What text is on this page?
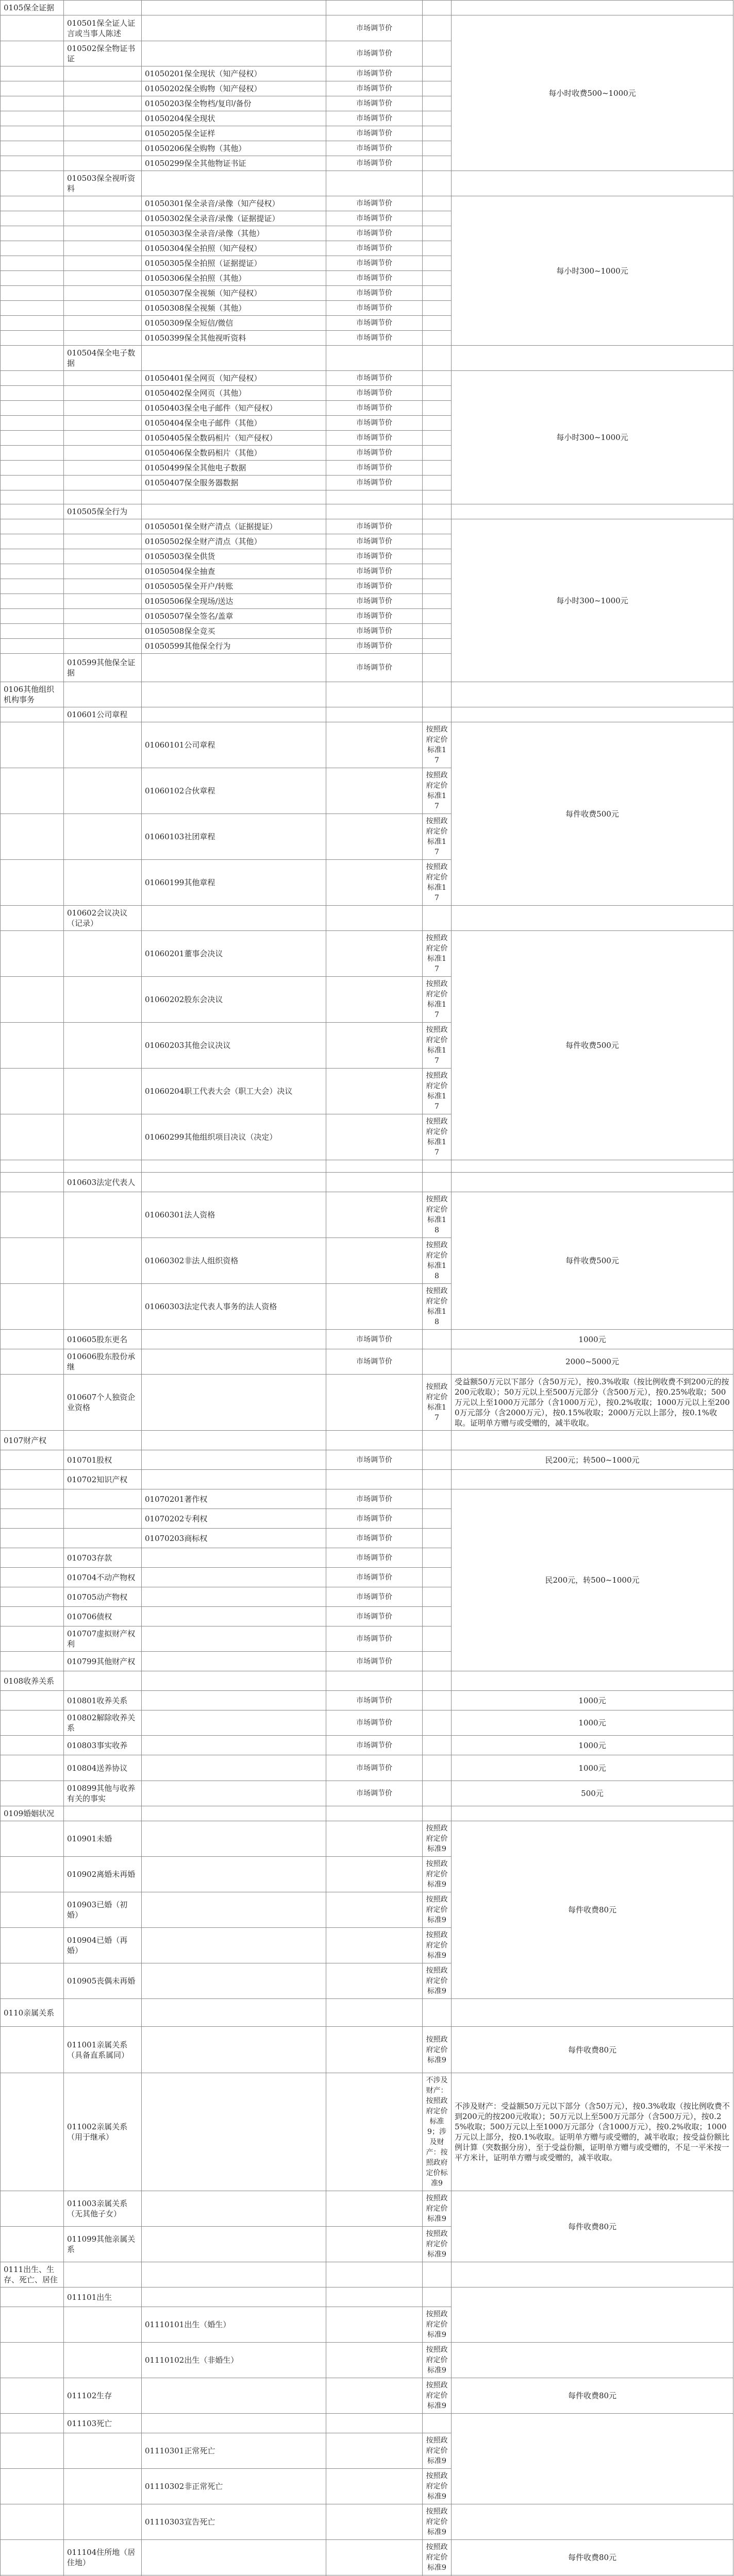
0105保全证据					
	010501保全证人证言或当事人陈述		市场调节价		每小时收费500~1000元
	010502保全物证书证		市场调节价		
		01050201保全现状（知产侵权）	市场调节价		
		01050202保全购物（知产侵权）	市场调节价		
		01050203保全物档/复印/备份	市场调节价		
		01050204保全现状	市场调节价		
		01050205保全证样	市场调节价		
		01050206保全购物（其他）	市场调节价		
		01050299保全其他物证书证	市场调节价		
	010503保全视听资料				
		01050301保全录音/录像（知产侵权）	市场调节价		每小时300~1000元
		01050302保全录音/录像（证据提证）	市场调节价		
		01050303保全录音/录像（其他）	市场调节价		
		01050304保全拍照（知产侵权）	市场调节价		
		01050305保全拍照（证据提证）	市场调节价		
		01050306保全拍照（其他）	市场调节价		
		01050307保全视频（知产侵权）	市场调节价		
		01050308保全视频（其他）	市场调节价		
		01050309保全短信/微信	市场调节价		
		01050399保全其他视听资料	市场调节价		
	010504保全电子数据				
		01050401保全网页（知产侵权）	市场调节价		每小时300~1000元
		01050402保全网页（其他）	市场调节价		
		01050403保全电子邮件（知产侵权）	市场调节价		
		01050404保全电子邮件（其他）	市场调节价		
		01050405保全数码相片（知产侵权）	市场调节价		
		01050406保全数码相片（其他）	市场调节价		
		01050499保全其他电子数据	市场调节价		
		01050407保全服务器数据	市场调节价		

	010505保全行为				
		01050501保全财产清点（证据提证）	市场调节价		每小时300~1000元
		01050502保全财产清点（其他）	市场调节价		
		01050503保全供货	市场调节价		
		01050504保全抽查	市场调节价		
		01050505保全开户/转账	市场调节价		
		01050506保全现场/送达	市场调节价		
		01050507保全签名/盖章	市场调节价		
		01050508保全竞买	市场调节价		
		01050599其他保全行为	市场调节价		
	010599其他保全证据		市场调节价		
0106其他组织机构事务					
	010601公司章程				
		01060101公司章程		按照政府定价标准17	每件收费500元
		01060102合伙章程		按照政府定价标准17	
		01060103社团章程		按照政府定价标准17	
		01060199其他章程		按照政府定价标准17	
	010602会议决议（记录）				
		01060201董事会决议		按照政府定价标准17	每件收费500元
		01060202股东会决议		按照政府定价标准17	
		01060203其他会议决议		按照政府定价标准17	
		01060204职工代表大会（职工大会）决议		按照政府定价标准17	
		01060299其他组织项目决议（决定）		按照政府定价标准17	

	010603法定代表人				
		01060301法人资格		按照政府定价标准18	每件收费500元
		01060302非法人组织资格		按照政府定价标准18	
		01060303法定代表人事务的法人资格		按照政府定价标准18	
	010605股东更名		市场调节价		1000元
	010606股东股份承继		市场调节价		2000~5000元
	010607个人独资企业资格			按照政府定价标准17	受益额50万元以下部分（含50万元），按0.3%收取（按比例收费不到200元的按200元收取）；50万元以上至500万元部分（含500万元），按0.25%收取；500万元以上至1000万元部分（含1000万元），按0.2%收取；1000万元以上至2000万元部分（含2000万元），按0.15%收取；2000万元以上部分，按0.1%收取。证明单方赠与或受赠的，减半收取。
0107财产权					
	010701股权		市场调节价		民200元；转500~1000元
	010702知识产权				
		01070201著作权	市场调节价		民200元，转500~1000元
		01070202专利权	市场调节价		
		01070203商标权	市场调节价		
	010703存款		市场调节价		
	010704不动产物权		市场调节价		
	010705动产物权		市场调节价		
	010706债权		市场调节价		
	010707虚拟财产权利		市场调节价		
	010799其他财产权		市场调节价		
0108收养关系					
	010801收养关系		市场调节价		1000元
	010802解除收养关系		市场调节价		1000元
	010803事实收养		市场调节价		1000元
	010804送养协议		市场调节价		1000元
	010899其他与收养有关的事实		市场调节价		500元
0109婚姻状况					
	010901未婚			按照政府定价标准9	每件收费80元
	010902离婚未再婚			按照政府定价标准9	
	010903已婚（初婚）			按照政府定价标准9	
	010904已婚（再婚）			按照政府定价标准9	
	010905丧偶未再婚			按照政府定价标准9	
0110亲属关系					
	011001亲属关系（具备直系属同）			按照政府定价标准9	每件收费80元
	011002亲属关系（用于继承）			不涉及财产：按照政府定价标准9；涉及财产：按照政府定价标准9	不涉及财产：受益额50万元以下部分（含50万元），按0.3%收取（按比例收费不到200元的按200元收取）；50万元以上至500万元部分（含500万元），按0.25%收取；500万元以上至1000万元部分（含1000万元），按0.2%收取；1000万元以上部分，按0.1%收取。证明单方赠与或受赠的，减半收取；按受益份额比例计算（突数据分房），至于受益份额，证明单方赠与或受赠的，不足一平米按一平方米计，证明单方赠与或受赠的，减半收取。
	011003亲属关系（无其他子女）			按照政府定价标准9	每件收费80元
	011099其他亲属关系			按照政府定价标准9	
0111出生、生存、死亡、居住					
	011101出生				
		01110101出生（婚生）		按照政府定价标准9	
		01110102出生（非婚生）		按照政府定价标准9	
	011102生存			按照政府定价标准9	每件收费80元
	011103死亡				
		01110301正常死亡		按照政府定价标准9	
		01110302非正常死亡		按照政府定价标准9	
		01110303宣告死亡		按照政府定价标准9	
	011104住所地（居住地）			按照政府定价标准9	每件收费80元
